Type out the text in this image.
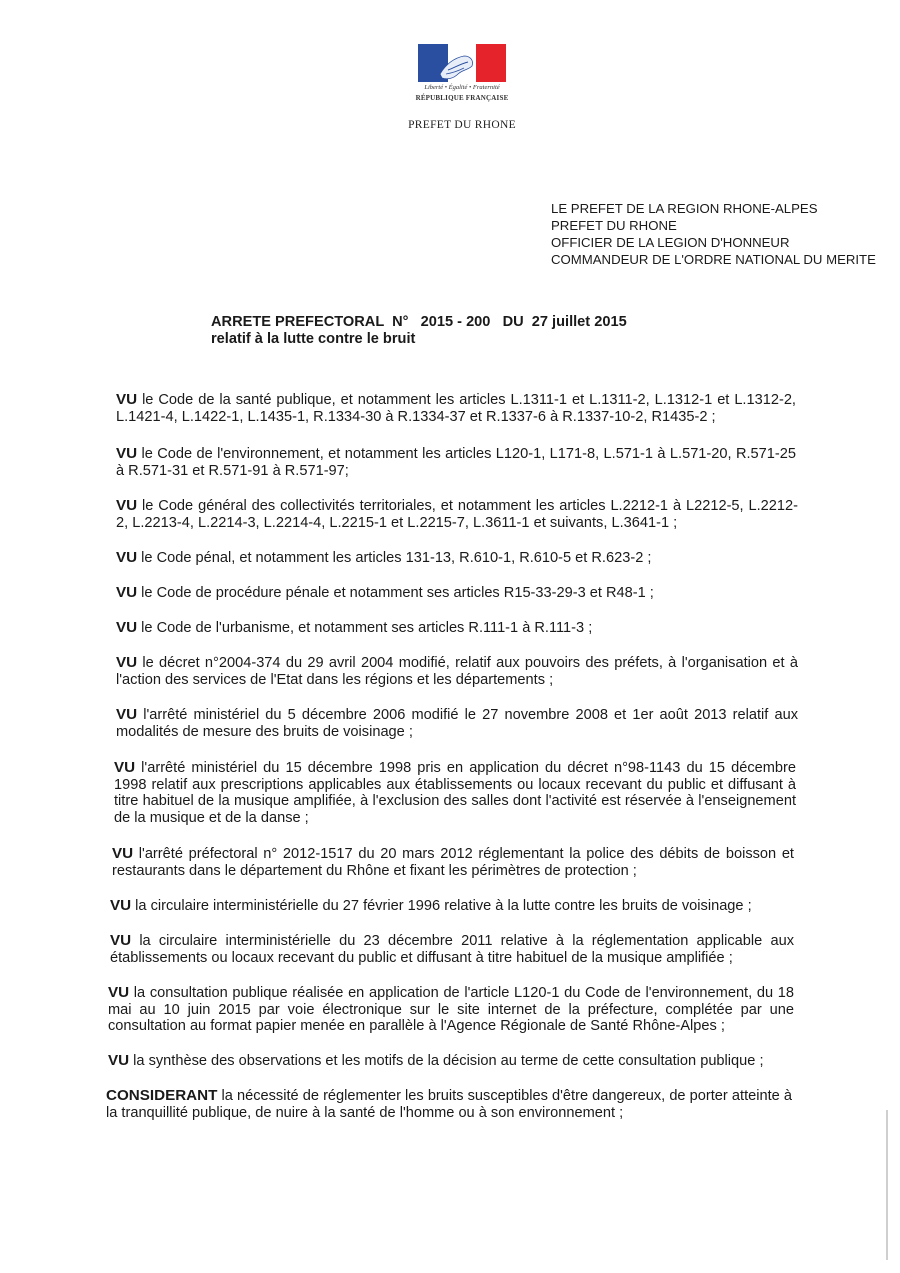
Liberté • Égalité • Fraternité
RÉPUBLIQUE FRANÇAISE
PREFET DU RHONE
LE PREFET DE LA REGION RHONE-ALPES
PREFET DU RHONE
OFFICIER DE LA LEGION D'HONNEUR
COMMANDEUR DE L'ORDRE NATIONAL DU MERITE
ARRETE PREFECTORAL  N°   2015 - 200   DU  27 juillet 2015
relatif à la lutte contre le bruit
VU le Code de la santé publique, et notamment les articles L.1311-1 et L.1311-2, L.1312-1 et L.1312-2, L.1421-4, L.1422-1, L.1435-1, R.1334-30 à R.1334-37 et R.1337-6 à R.1337-10-2, R1435-2 ;
VU le Code de l'environnement, et notamment les articles L120-1, L171-8, L.571-1 à L.571-20, R.571-25 à R.571-31 et R.571-91 à R.571-97;
VU le Code général des collectivités territoriales, et notamment les articles L.2212-1 à L2212-5, L.2212-2, L.2213-4, L.2214-3, L.2214-4, L.2215-1 et L.2215-7, L.3611-1 et suivants, L.3641-1 ;
VU le Code pénal, et notamment les articles 131-13, R.610-1, R.610-5 et R.623-2 ;
VU le Code de procédure pénale et notamment ses articles R15-33-29-3 et R48-1 ;
VU le Code de l'urbanisme, et notamment ses articles R.111-1 à R.111-3 ;
VU le décret n°2004-374 du 29 avril 2004 modifié, relatif aux pouvoirs des préfets, à l'organisation et à l'action des services de l'Etat dans les régions et les départements ;
VU l'arrêté ministériel du 5 décembre 2006 modifié le 27 novembre 2008 et 1er août 2013 relatif aux modalités de mesure des bruits de voisinage ;
VU l'arrêté ministériel du 15 décembre 1998 pris en application du décret n°98-1143 du 15 décembre 1998 relatif aux prescriptions applicables aux établissements ou locaux recevant du public et diffusant à titre habituel de la musique amplifiée, à l'exclusion des salles dont l'activité est réservée à l'enseignement de la musique et de la danse ;
VU l'arrêté préfectoral n° 2012-1517 du 20 mars 2012 réglementant la police des débits de boisson et restaurants dans le département du Rhône et fixant les périmètres de protection ;
VU la circulaire interministérielle du 27 février 1996 relative à la lutte contre les bruits de voisinage ;
VU la circulaire interministérielle du 23 décembre 2011 relative à la réglementation applicable aux établissements ou locaux recevant du public et diffusant à titre habituel de la musique amplifiée ;
VU la consultation publique réalisée en application de l'article L120-1 du Code de l'environnement, du 18 mai au 10 juin 2015 par voie électronique sur le site internet de la préfecture, complétée par une consultation au format papier menée en parallèle à l'Agence Régionale de Santé Rhône-Alpes ;
VU la synthèse des observations et les motifs de la décision au terme de cette consultation publique ;
CONSIDERANT la nécessité de réglementer les bruits susceptibles d'être dangereux, de porter atteinte à la tranquillité publique, de nuire à la santé de l'homme ou à son environnement ;
